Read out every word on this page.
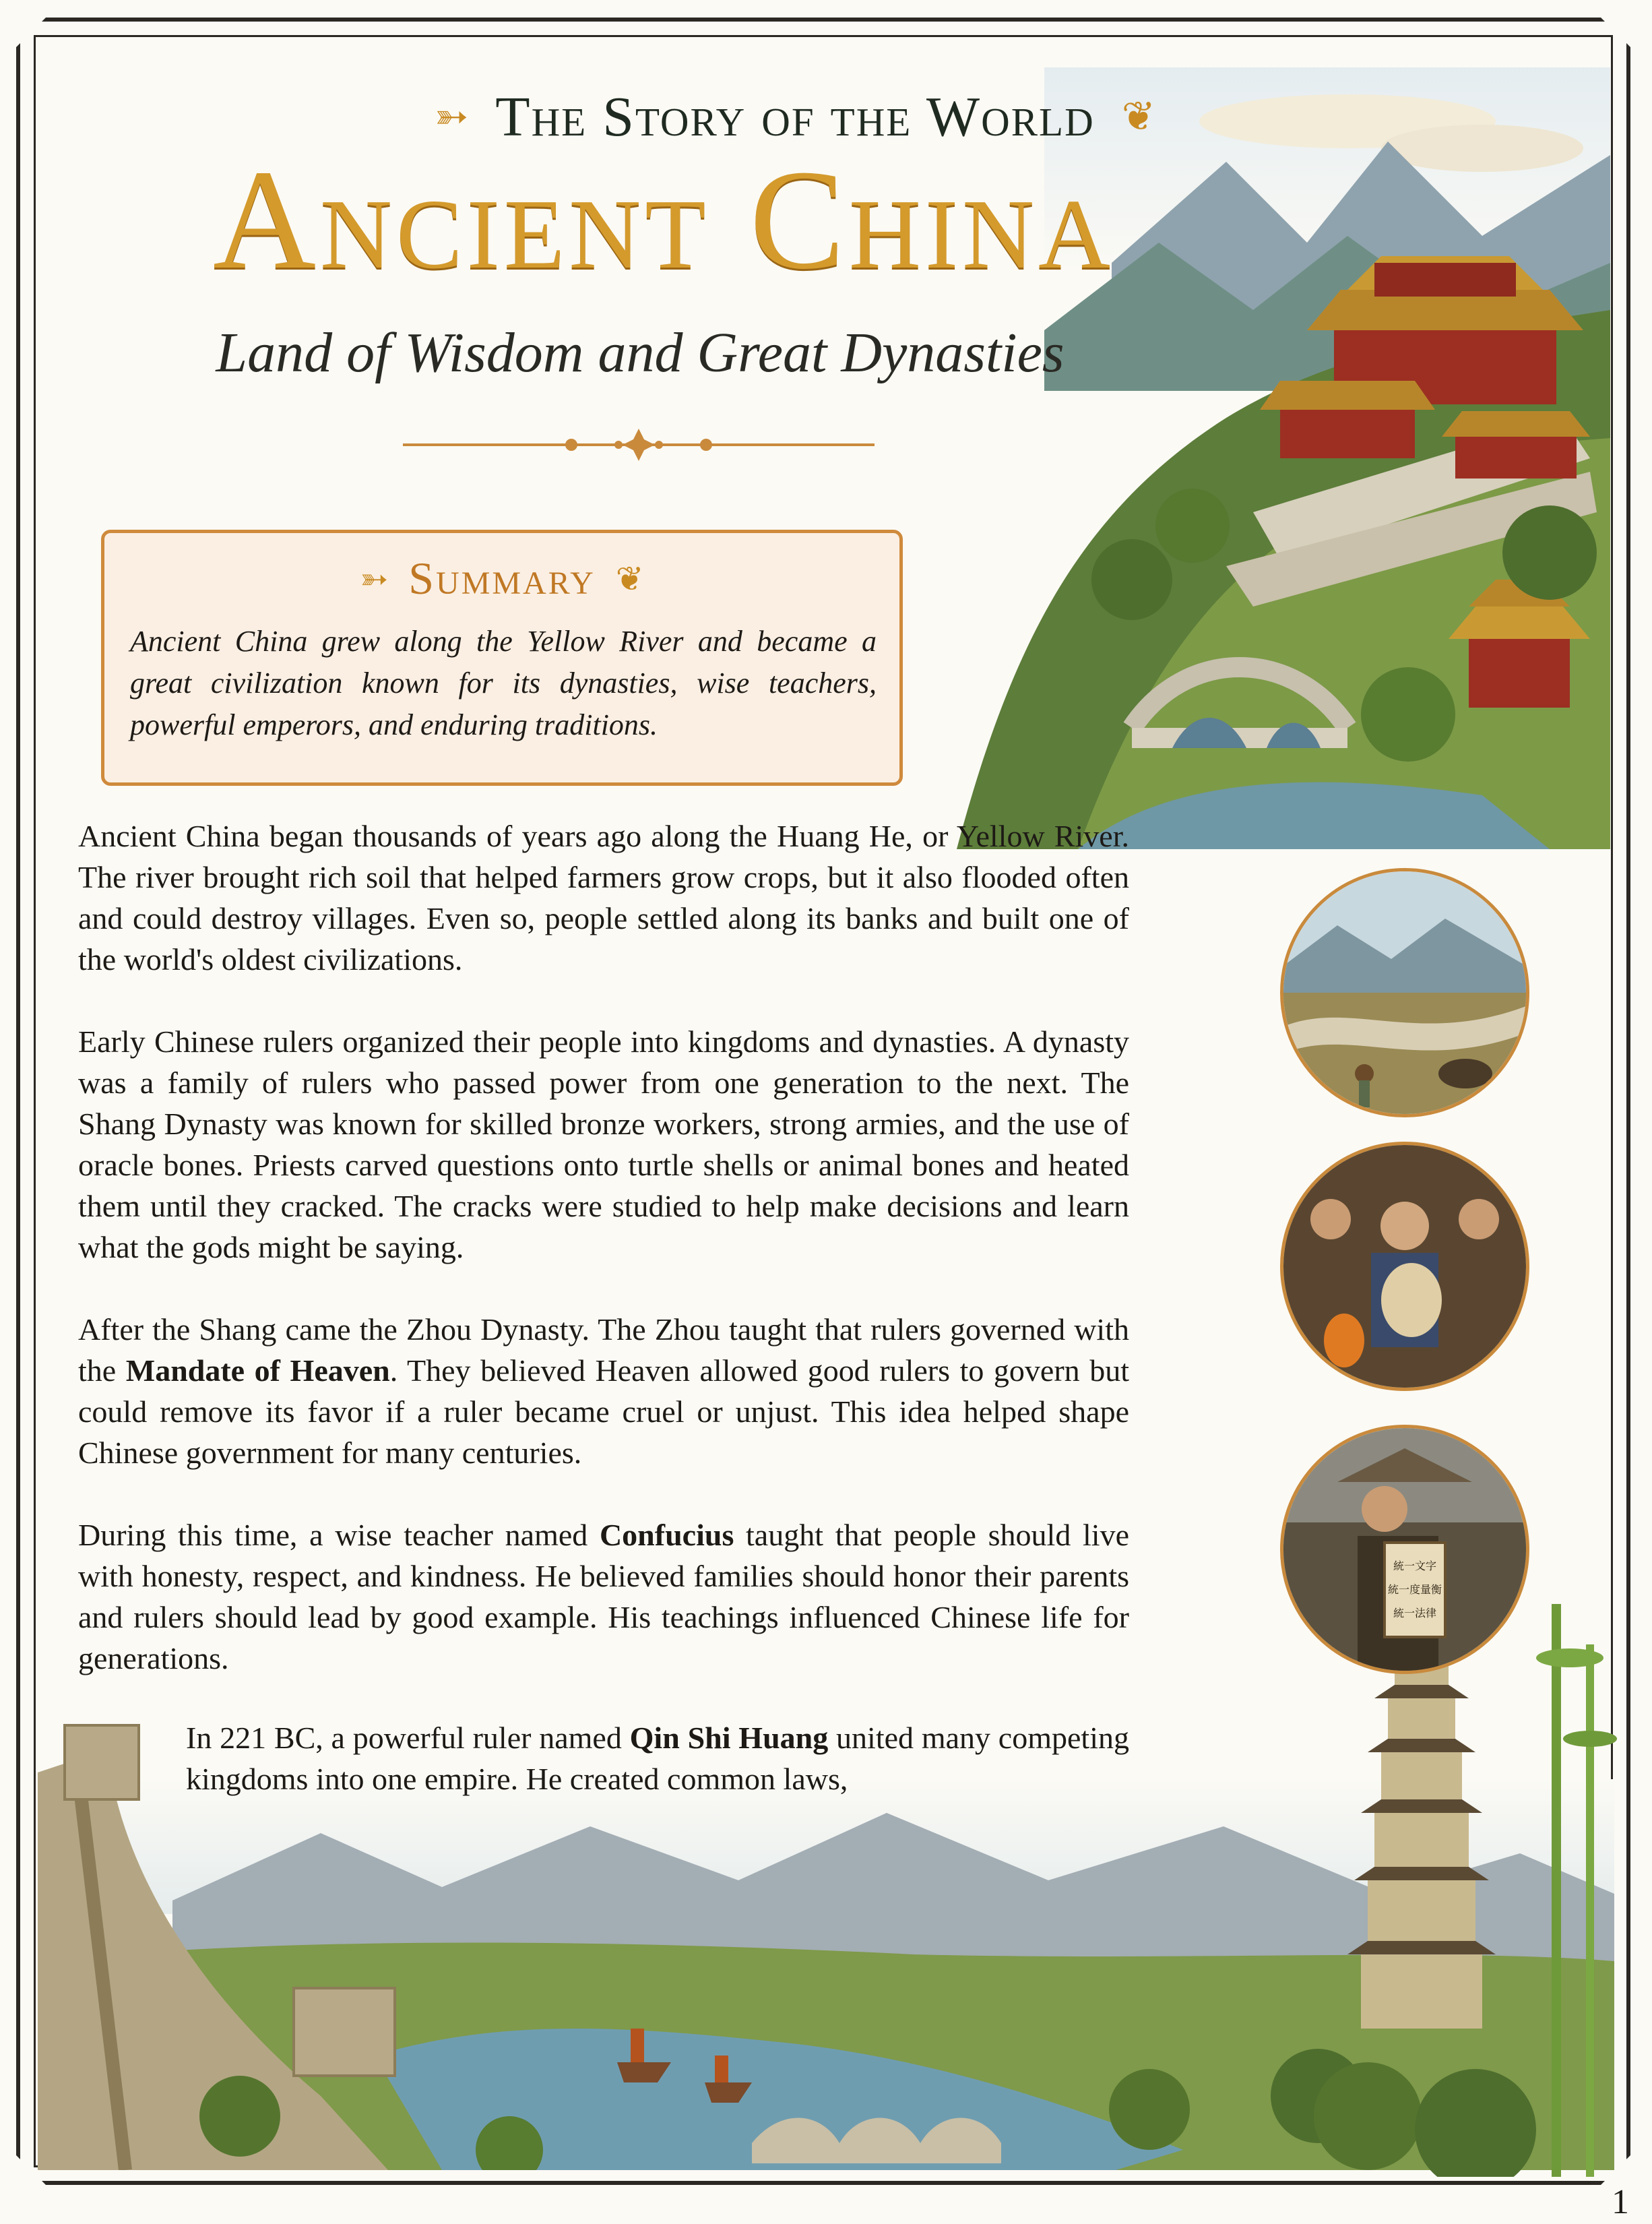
統一文字
統一度量衡
統一法律
➳ The Story of the World ❦
Ancient China
Land of Wisdom and Great Dynasties
➳ Summary ❦
Ancient China grew along the Yellow River and became a great civilization known for its dynasties, wise teachers, powerful emperors, and enduring traditions.

Ancient China began thousands of years ago along the Huang He, or Yellow River. The river brought rich soil that helped farmers grow crops, but it also flooded often and could destroy villages. Even so, people settled along its banks and built one of the world's oldest civilizations.

Early Chinese rulers organized their people into kingdoms and dynasties. A dynasty was a family of rulers who passed power from one generation to the next. The Shang Dynasty was known for skilled bronze workers, strong armies, and the use of oracle bones. Priests carved questions onto turtle shells or animal bones and heated them until they cracked. The cracks were studied to help make decisions and learn what the gods might be saying.

After the Shang came the Zhou Dynasty. The Zhou taught that rulers governed with the Mandate of Heaven. They believed Heaven allowed good rulers to govern but could remove its favor if a ruler became cruel or unjust. This idea helped shape Chinese government for many centuries.

During this time, a wise teacher named Confucius taught that people should live with honesty, respect, and kindness. He believed families should honor their parents and rulers should lead by good example. His teachings influenced Chinese life for generations.

In 221 BC, a powerful ruler named Qin Shi Huang united many competing kingdoms into one empire. He created common laws,
1
